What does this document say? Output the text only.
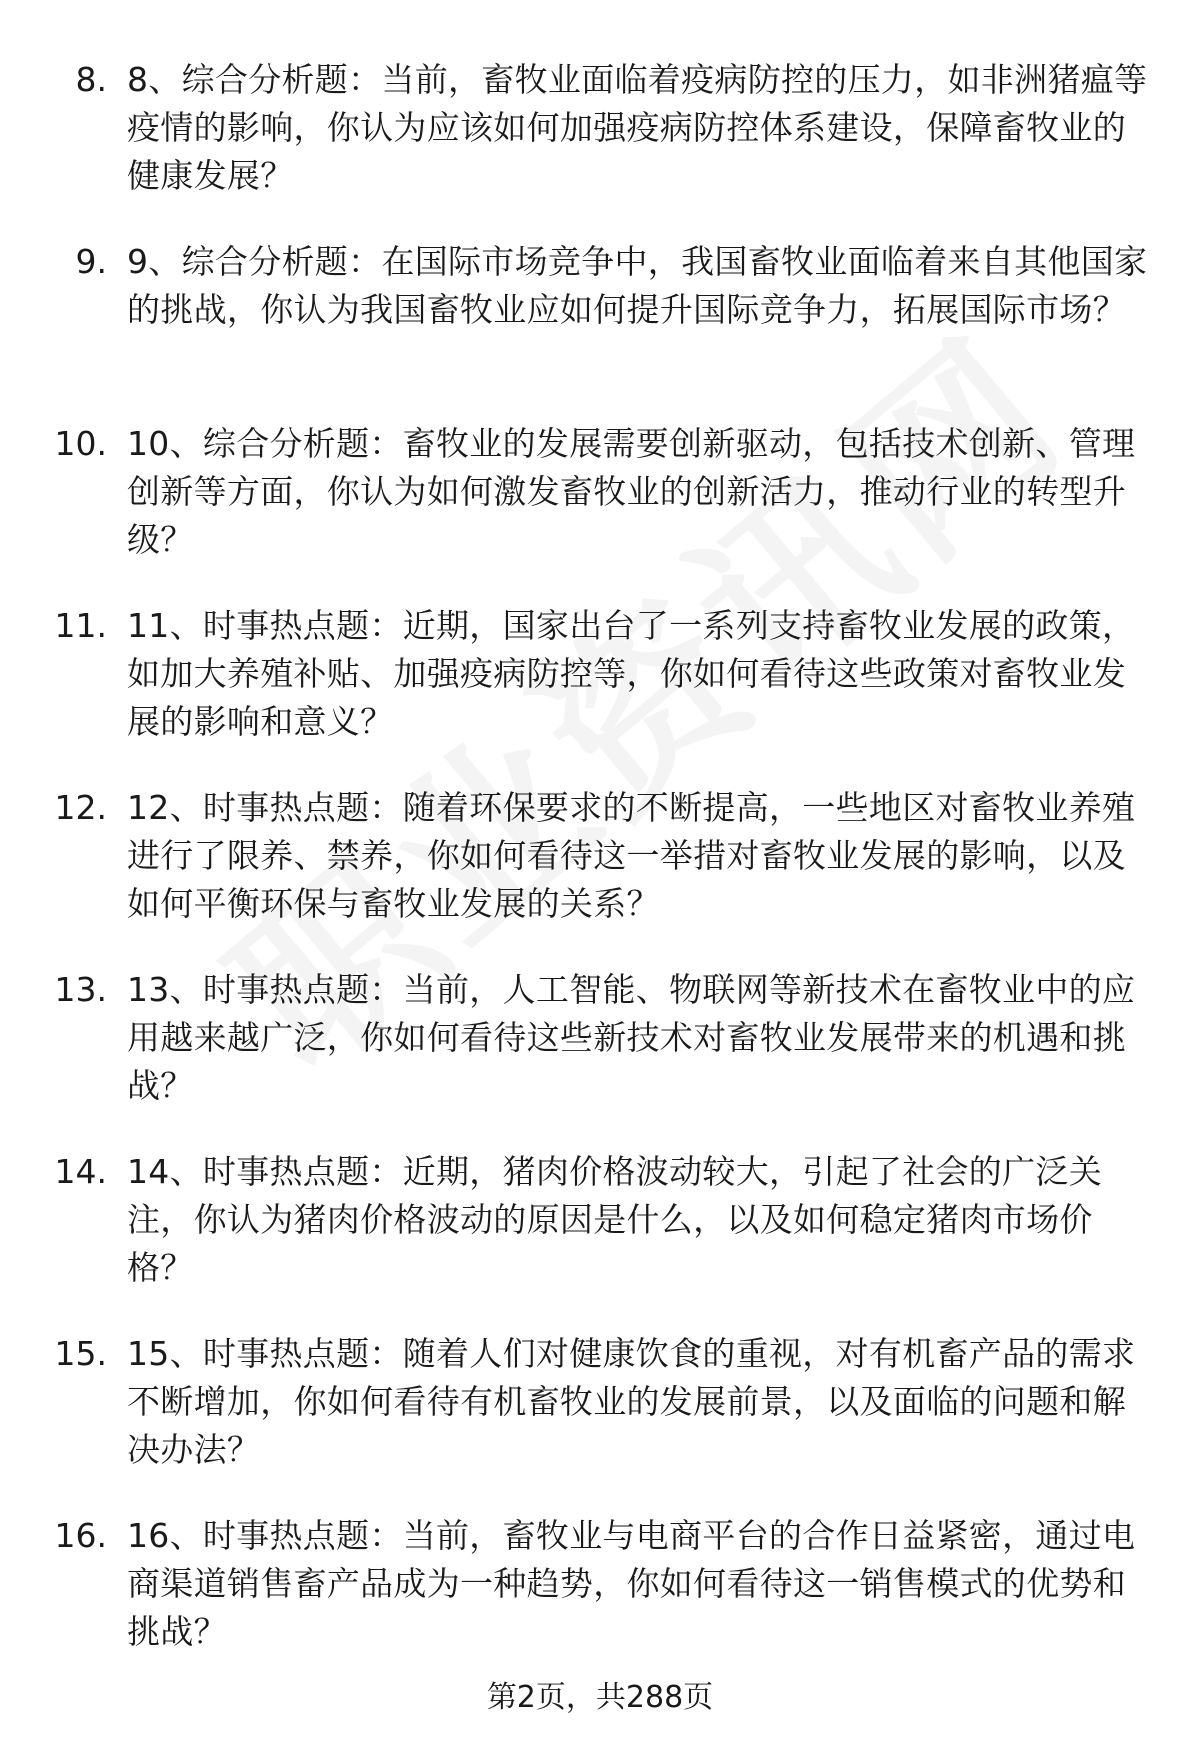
8. 8、综合分析题：当前，畜牧业面临着疫病防控的压力，如非洲猪瘟等疫情的影响，你认为应该如何加强疫病防控体系建设，保障畜牧业的健康发展？
9. 9、综合分析题：在国际市场竞争中，我国畜牧业面临着来自其他国家的挑战，你认为我国畜牧业应如何提升国际竞争力，拓展国际市场？
10. 10、综合分析题：畜牧业的发展需要创新驱动，包括技术创新、管理创新等方面，你认为如何激发畜牧业的创新活力，推动行业的转型升级？
11. 11、时事热点题：近期，国家出台了一系列支持畜牧业发展的政策，如加大养殖补贴、加强疫病防控等，你如何看待这些政策对畜牧业发展的影响和意义？
12. 12、时事热点题：随着环保要求的不断提高，一些地区对畜牧业养殖进行了限养、禁养，你如何看待这一举措对畜牧业发展的影响，以及如何平衡环保与畜牧业发展的关系？
13. 13、时事热点题：当前，人工智能、物联网等新技术在畜牧业中的应用越来越广泛，你如何看待这些新技术对畜牧业发展带来的机遇和挑战？
14. 14、时事热点题：近期，猪肉价格波动较大，引起了社会的广泛关注，你认为猪肉价格波动的原因是什么，以及如何稳定猪肉市场价格？
15. 15、时事热点题：随着人们对健康饮食的重视，对有机畜产品的需求不断增加，你如何看待有机畜牧业的发展前景，以及面临的问题和解决办法？
16. 16、时事热点题：当前，畜牧业与电商平台的合作日益紧密，通过电商渠道销售畜产品成为一种趋势，你如何看待这一销售模式的优势和挑战？
第2页，共288页
